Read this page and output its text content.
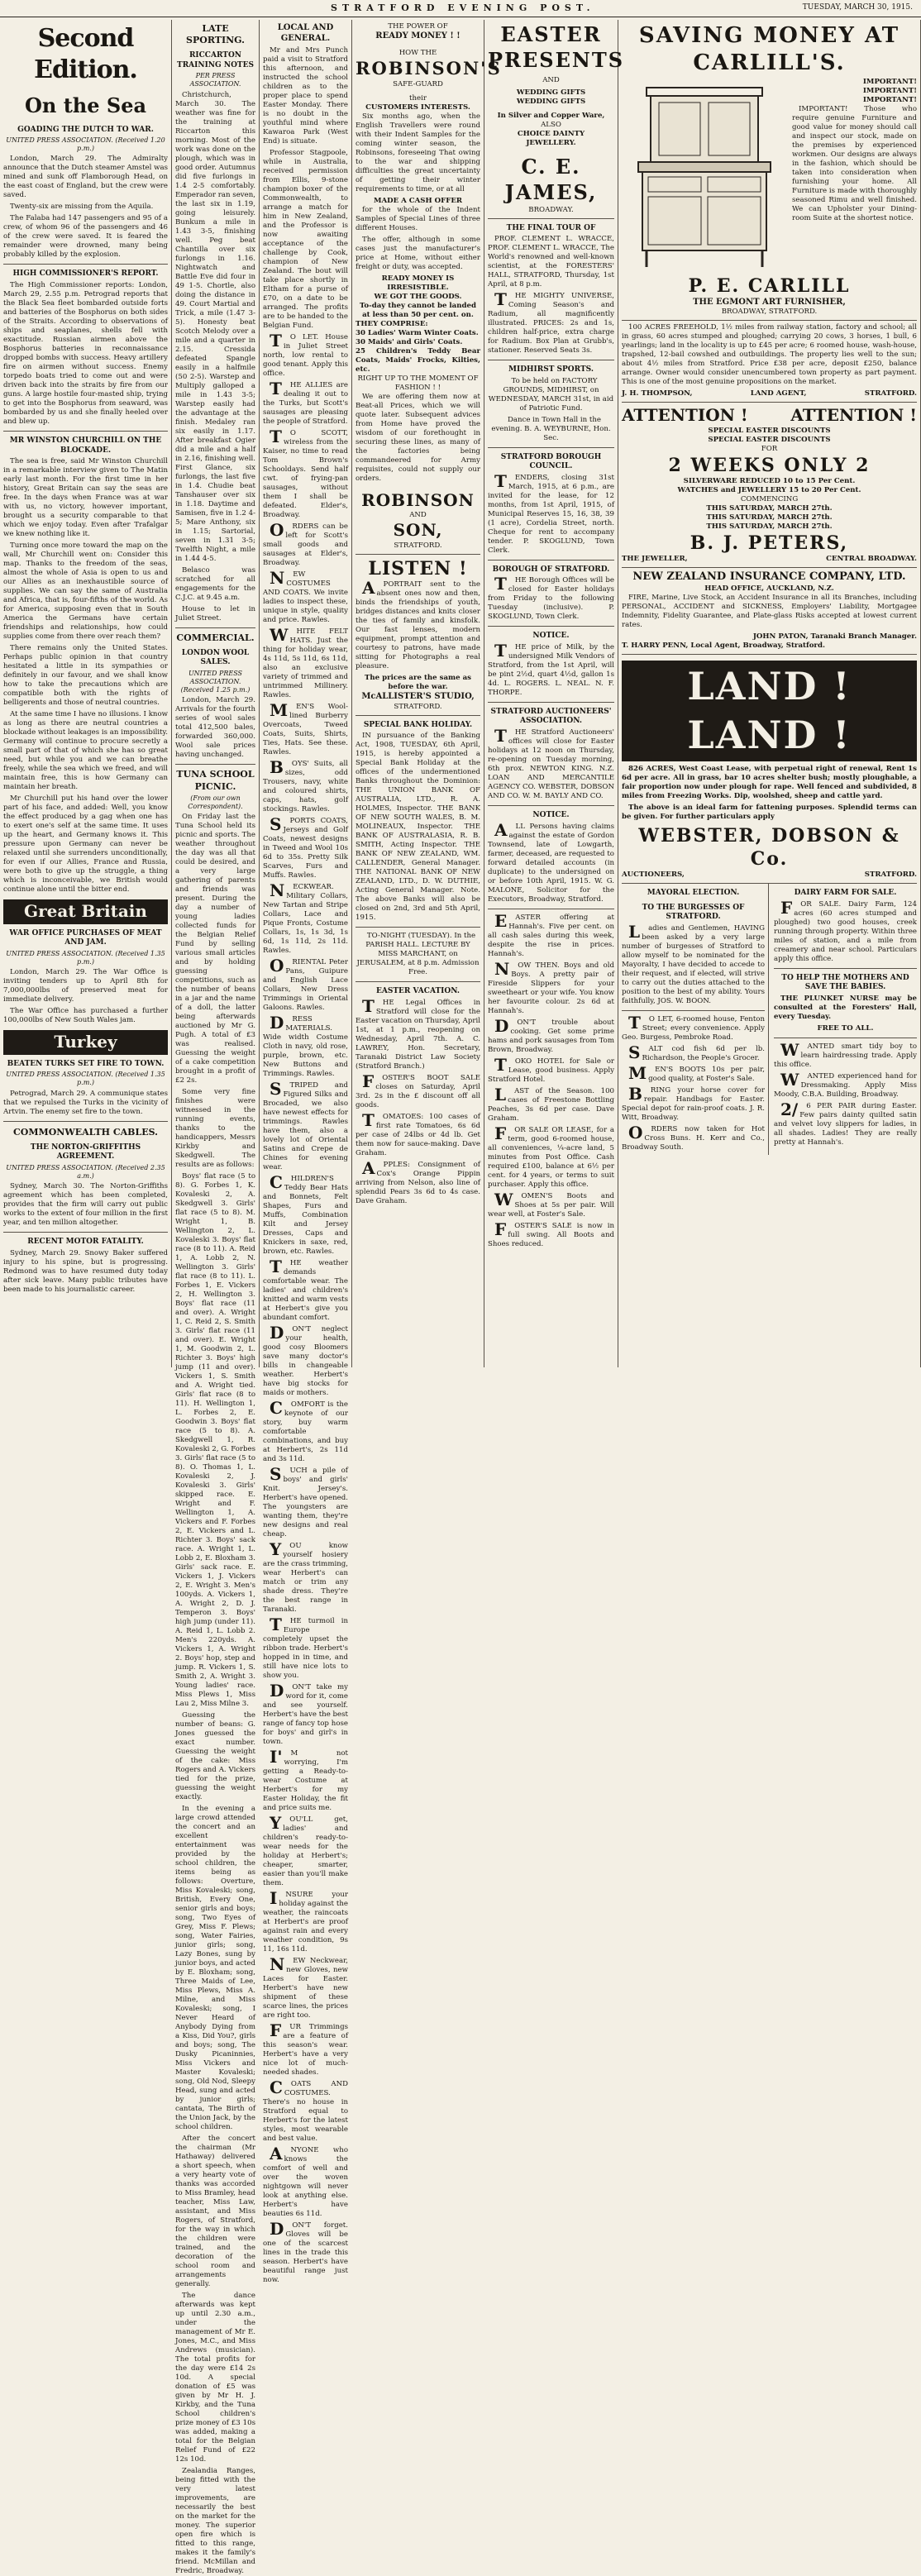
STRATFORD EVENING POST.	TUESDAY, MARCH 30, 1915.
Second Edition.
On the Sea
GOADING THE DUTCH TO WAR.
UNITED PRESS ASSOCIATION. (Received 1.20 p.m.)

London, March 29. The Admiralty announce that the Dutch steamer Amstel was mined and sunk off Flamborough Head, on the east coast of England, but the crew were saved.

Twenty-six are missing from the Aquila.

The Falaba had 147 passengers and 95 of a crew, of whom 96 of the passengers and 46 of the crew were saved. It is feared the remainder were drowned, many being probably killed by the explosion.

HIGH COMMISSIONER'S REPORT.

The High Commissioner reports: London, March 29, 2.55 p.m. Petrograd reports that the Black Sea fleet bombarded outside forts and batteries of the Bosphorus on both sides of the Straits. According to observations of ships and seaplanes, shells fell with exactitude. Russian airmen above the Bosphorus batteries in reconnaissance dropped bombs with success. Heavy artillery fire on airmen without success. Enemy torpedo boats tried to come out and were driven back into the straits by fire from our guns. A large hostile four-masted ship, trying to get into the Bosphorus from seaward, was bombarded by us and she finally heeled over and blew up.

MR WINSTON CHURCHILL ON THE BLOCKADE.

The sea is free, said Mr Winston Churchill in a remarkable interview given to The Matin early last month. For the first time in her history, Great Britain can say the seas are free. In the days when France was at war with us, no victory, however important, brought us a security comparable to that which we enjoy today. Even after Trafalgar we knew nothing like it.

Turning once more toward the map on the wall, Mr Churchill went on: Consider this map. Thanks to the freedom of the seas, almost the whole of Asia is open to us and our Allies as an inexhaustible source of supplies. We can say the same of Australia and Africa, that is, four-fifths of the world. As for America, supposing even that in South America the Germans have certain friendships and relationships, how could supplies come from there over reach them?

There remains only the United States. Perhaps public opinion in that country hesitated a little in its sympathies or definitely in our favour, and we shall know how to take the precautions which are compatible both with the rights of belligerents and those of neutral countries.

At the same time I have no illusions. I know as long as there are neutral countries a blockade without leakages is an impossibility. Germany will continue to procure secretly a small part of that of which she has so great need, but while you and we can breathe freely, while the sea which we freed, and will maintain free, this is how Germany can maintain her breath.

Mr Churchill put his hand over the lower part of his face, and added: Well, you know the effect produced by a gag when one has to exert one's self at the same time. It uses up the heart, and Germany knows it. This pressure upon Germany can never be relaxed until she surrenders unconditionally, for even if our Allies, France and Russia, were both to give up the struggle, a thing which is inconceivable, we British would continue alone until the bitter end.

Great Britain
WAR OFFICE PURCHASES OF MEAT AND JAM.
UNITED PRESS ASSOCIATION. (Received 1.35 p.m.)

London, March 29. The War Office is inviting tenders up to April 8th for 7,000,000lbs of preserved meat for immediate delivery.

The War Office has purchased a further 100,000lbs of New South Wales jam.

Turkey
BEATEN TURKS SET FIRE TO TOWN.
UNITED PRESS ASSOCIATION. (Received 1.35 p.m.)

Petrograd, March 29. A communique states that we repulsed the Turks in the vicinity of Artvin. The enemy set fire to the town.

COMMONWEALTH CABLES.
THE NORTON-GRIFFITHS AGREEMENT.
UNITED PRESS ASSOCIATION. (Received 2.35 a.m.)

Sydney, March 30. The Norton-Griffiths agreement which has been completed, provides that the firm will carry out public works to the extent of four million in the first year, and ten million altogether.

RECENT MOTOR FATALITY.

Sydney, March 29. Snowy Baker suffered injury to his spine, but is progressing. Redmond was to have resumed duty today after sick leave. Many public tributes have been made to his journalistic career.

LATE SPORTING.
RICCARTON TRAINING NOTES
PER PRESS ASSOCIATION.

Christchurch, March 30. The weather was fine for the training at Riccarton this morning. Most of the work was done on the plough, which was in good order. Autumnus did five furlongs in 1.4 2-5 comfortably. Emperador ran seven, the last six in 1.19, going leisurely. Bunkum a mile in 1.43 3-5, finishing well. Peg beat Chantilla over six furlongs in 1.16. Nightwatch and Battle Eve did four in 49 1-5. Chortle, also doing the distance in 49. Court Martial and Trick, a mile (1.47 3-5). Honesty beat Scotch Melody over a mile and a quarter in 2.15. Cressida defeated Spangle easily in a halfmile (50 2-5). Warstep and Multiply galloped a mile in 1.43 3-5; Warstep easily had the advantage at the finish. Medaley ran six easily in 1.17. After breakfast Ogier did a mile and a half in 2.16, finishing well. First Glance, six furlongs, the last five in 1.4. Chudie beat Tanshauser over six in 1.18. Daytime and Samisen, five in 1.2 4-5; Mare Anthony, six in 1.15; Sartorial, seven in 1.31 3-5; Twelfth Night, a mile in 1.44 4-5.

Belasco was scratched for all engagements for the C.J.C. at 9.45 a.m.

House to let in Juliet Street.

COMMERCIAL.
LONDON WOOL SALES.
UNITED PRESS ASSOCIATION. (Received 1.25 p.m.)

London, March 29. Arrivals for the fourth series of wool sales total 412,500 bales, forwarded 360,000. Wool sale prices having unchanged.

TUNA SCHOOL PICNIC.
(From our own Correspondent).

On Friday last the Tuna School held its picnic and sports. The weather throughout the day was all that could be desired, and a very large gathering of parents and friends was present. During the day a number of young ladies collected funds for the Belgian Relief Fund by selling various small articles and by holding guessing competitions, such as the number of beans in a jar and the name of a doll, the latter being afterwards auctioned by Mr G. Pugh. A total of £3 was realised. Guessing the weight of a cake competition brought in a profit of £2 2s.

Some very fine finishes were witnessed in the running events, thanks to the handicappers, Messrs Kirkby and Skedgwell. The results are as follows:

Boys' flat race (5 to 8). G. Forbes 1, K. Kovaleski 2, A. Skedgwell 3. Girls' flat race (5 to 8). M. Wright 1, B. Wellington 2, L. Kovaleski 3. Boys' flat race (8 to 11). A. Reid 1, A. Lobb 2, N. Wellington 3. Girls' flat race (8 to 11). L. Forbes 1, E. Vickers 2, H. Wellington 3. Boys' flat race (11 and over). A. Wright 1, C. Reid 2, S. Smith 3. Girls' flat race (11 and over). E. Wright 1, M. Goodwin 2, L. Richter 3. Boys' high jump (11 and over). Vickers 1, S. Smith and A. Wright tied. Girls' flat race (8 to 11). H. Wellington 1, L. Forbes 2, E. Goodwin 3. Boys' flat race (5 to 8). A. Skedgwell 1, R. Kovaleski 2, G. Forbes 3. Girls' flat race (5 to 8). O. Thomas 1, L. Kovaleski 2, J. Kovaleski 3. Girls' skipped race. E. Wright and F. Wellington 1, A. Vickers and F. Forbes 2, E. Vickers and L. Richter 3. Boys' sack race. A. Wright 1, L. Lobb 2, E. Bloxham 3. Girls' sack race. E. Vickers 1, J. Vickers 2, E. Wright 3. Men's 100yds. A. Vickers 1, A. Wright 2, D. J. Temperon 3. Boys' high jump (under 11). A. Reid 1, L. Lobb 2. Men's 220yds. A. Vickers 1, A. Wright 2. Boys' hop, step and jump. R. Vickers 1, S. Smith 2, A. Wright 3. Young ladies' race. Miss Plews 1, Miss Lau 2, Miss Milne 3.

Guessing the number of beans: G. Jones guessed the exact number. Guessing the weight of the cake: Miss Rogers and A. Vickers tied for the prize, guessing the weight exactly.

In the evening a large crowd attended the concert and an excellent entertainment was provided by the school children, the items being as follows: Overture, Miss Kovaleski; song, British, Every One, senior girls and boys; song, Two Eyes of Grey, Miss F. Plews; song, Water Fairies, junior girls; song, Lazy Bones, sung by junior boys, and acted by E. Bloxham; song, Three Maids of Lee, Miss Plews, Miss A. Milne, and Miss Kovaleski; song, I Never Heard of Anybody Dying from a Kiss, Did You?, girls and boys; song, The Dusky Picaninnies, Miss Vickers and Master Kovaleski; song, Old Nod, Sleepy Head, sung and acted by junior girls; cantata, The Birth of the Union Jack, by the school children.

After the concert the chairman (Mr Hathaway) delivered a short speech, when a very hearty vote of thanks was accorded to Miss Bramley, head teacher, Miss Law, assistant, and Miss Rogers, of Stratford, for the way in which the children were trained, and the decoration of the school room and arrangements generally.

The dance afterwards was kept up until 2.30 a.m., under the management of Mr E. Jones, M.C., and Miss Andrews (musician). The total profits for the day were £14 2s 10d. A special donation of £5 was given by Mr H. J. Kirkby, and the Tuna School children's prize money of £3 10s was added, making a total for the Belgian Relief Fund of £22 12s 10d.

Zealandia Ranges, being fitted with the very latest improvements, are necessarily the best on the market for the money. The superior open fire which is fitted to this range, makes it the family's friend. McMillan and Fredric, Broadway.

LOCAL AND GENERAL.

Mr and Mrs Punch paid a visit to Stratford this afternoon, and instructed the school children as to the proper place to spend Easter Monday. There is no doubt in the youthful mind where Kawaroa Park (West End) is situate.

Professor Stagpoole, while in Australia, received permission from Ellis, 9-stone champion boxer of the Commonwealth, to arrange a match for him in New Zealand, and the Professor is now awaiting acceptance of the challenge by Cook, champion of New Zealand. The bout will take place shortly in Eltham for a purse of £70, on a date to be arranged. The profits are to be handed to the Belgian Fund.

TO LET. House in Juliet Street north, low rental to good tenant. Apply this office.

THE ALLIES are dealing it out to the Turks, but Scott's sausages are pleasing the people of Stratford.

TO SCOTT, wireless from the Kaiser, no time to read Tom Brown's Schooldays. Send half cwt. of frying-pan sausages, without them I shall be defeated. Elder's, Broadway.

ORDERS can be left for Scott's small goods and sausages at Elder's, Broadway.

NEW COSTUMES AND COATS. We invite ladies to inspect these, unique in style, quality and price. Rawles.

WHITE FELT HATS. Just the thing for holiday wear, 4s 11d, 5s 11d, 6s 11d, also an exclusive variety of trimmed and untrimmed Millinery. Rawles.

MEN'S Wool-lined Burberry Overcoats, Tweed Coats, Suits, Shirts, Ties, Hats. See these. Rawles.

BOYS' Suits, all sizes, odd Trousers, navy, white and coloured shirts, caps, hats, golf stockings. Rawles.

SPORTS COATS, Jerseys and Golf Coats, newest designs in Tweed and Wool 10s 6d to 35s. Pretty Silk Scarves, Furs and Muffs. Rawles.

NECKWEAR. Military Collars, New Tartan and Stripe Collars, Lace and Pique Fronts, Costume Collars, 1s, 1s 3d, 1s 6d, 1s 11d, 2s 11d. Rawles.

ORIENTAL Peter Pans, Guipure and English Lace Collars, New Dress Trimmings in Oriental Galoons. Rawles.

DRESS MATERIALS. Wide width Costume Cloth in navy, old rose, purple, brown, etc. New Buttons and Trimmings. Rawles.

STRIPED and Figured Silks and Brocaded, we also have newest effects for trimmings. Rawles have them, also a lovely lot of Oriental Satins and Crepe de Chines for evening wear.

CHILDREN'S Teddy Bear Hats and Bonnets, Felt Shapes, Furs and Muffs, Combination Kilt and Jersey Dresses, Caps and Knickers in saxe, red, brown, etc. Rawles.

THE weather demands comfortable wear. The ladies' and children's knitted and warm vests at Herbert's give you abundant comfort.

DON'T neglect your health, good cosy Bloomers save many doctor's bills in changeable weather. Herbert's have big stocks for maids or mothers.

COMFORT is the keynote of our story, buy warm comfortable combinations, and buy at Herbert's, 2s 11d and 3s 11d.

SUCH a pile of boys' and girls' Knit. Jersey's. Herbert's have opened. The youngsters are wanting them, they're new designs and real cheap.

YOU know yourself hosiery are the crass trimming, wear Herbert's can match or trim any shade dress. They're the best range in Taranaki.

THE turmoil in Europe completely upset the ribbon trade. Herbert's hopped in in time, and still have nice lots to show you.

DON'T take my word for it, come and see yourself. Herbert's have the best range of fancy top hose for boys' and girl's in town.

I'M not worrying, I'm getting a Ready-to-wear Costume at Herbert's for my Easter Holiday, the fit and price suits me.

YOU'LL get, ladies' and children's ready-to-wear needs for the holiday at Herbert's; cheaper, smarter, easier than you'll make them.

INSURE your holiday against the weather, the raincoats at Herbert's are proof against rain and every weather condition, 9s 11, 16s 11d.

NEW Neckwear, new Gloves, new Laces for Easter. Herbert's have new shipment of these scarce lines, the prices are right too.

FUR Trimmings are a feature of this season's wear. Herbert's have a very nice lot of much-needed shades.

COATS AND COSTUMES. There's no house in Stratford equal to Herbert's for the latest styles, most wearable and best value.

ANYONE who knows the comfort of well and over the woven nightgown will never look at anything else. Herbert's have beauties 6s 11d.

DON'T forget. Gloves will be one of the scarcest lines in the trade this season. Herbert's have beautiful range just now.

THE POWER OF
READY MONEY ! !
HOW THE
ROBINSON'S
SAFE-GUARD
their
CUSTOMERS INTERESTS.

Six months ago, when the English Travellers were round with their Indent Samples for the coming winter season, the Robinsons, foreseeing That owing to the war and shipping difficulties the great uncertainty of getting their winter requirements to time, or at all

MADE A CASH OFFER

for the whole of the Indent Samples of Special Lines of three different Houses.

The offer, although in some cases just the manufacturer's price at Home, without either freight or duty, was accepted.

READY MONEY IS IRRESISTIBLE.
WE GOT THE GOODS.
To-day they cannot be landed at less than 50 per cent. on.
THEY COMPRISE:
30 Ladies' Warm Winter Coats.
30 Maids' and Girls' Coats.
25 Children's Teddy Bear Coats, Maids' Frocks, Kilties, etc.
RIGHT UP TO THE MOMENT OF FASHION ! !

We are offering them now at Beat-all Prices, which we will quote later. Subsequent advices from Home have proved the wisdom of our forethought in securing these lines, as many of the factories being commandeered for Army requisites, could not supply our orders.

ROBINSON
AND
SON,
STRATFORD.
LISTEN !

APORTRAIT sent to the absent ones now and then, binds the friendships of youth, bridges distances and knits closer the ties of family and kinsfolk. Our fast lenses, modern equipment, prompt attention and courtesy to patrons, have made sitting for Photographs a real pleasure.

The prices are the same as before the war.
McALLISTER'S STUDIO,
STRATFORD.
SPECIAL BANK HOLIDAY.

IN pursuance of the Banking Act, 1908, TUESDAY, 6th April, 1915, is hereby appointed a Special Bank Holiday at the offices of the undermentioned Banks throughout the Dominion: THE UNION BANK OF AUSTRALIA, LTD., R. A. HOLMES, Inspector. THE BANK OF NEW SOUTH WALES, B. M. MOLINEAUX, Inspector. THE BANK OF AUSTRALASIA, R. B. SMITH, Acting Inspector. THE BANK OF NEW ZEALAND, WM. CALLENDER, General Manager. THE NATIONAL BANK OF NEW ZEALAND, LTD., D. W. DUTHIE, Acting General Manager. Note. The above Banks will also be closed on 2nd, 3rd and 5th April, 1915.

TO-NIGHT (TUESDAY). In the PARISH HALL. LECTURE BY MISS MARCHANT, on JERUSALEM, at 8 p.m. Admission Free.

EASTER VACATION.

THE Legal Offices in Stratford will close for the Easter vacation on Thursday, April 1st, at 1 p.m., reopening on Wednesday, April 7th. A. C. LAWREY, Hon. Secretary, Taranaki District Law Society (Stratford Branch.)

FOSTER'S BOOT SALE closes on Saturday, April 3rd. 2s in the £ discount off all goods.

TOMATOES: 100 cases of first rate Tomatoes, 6s 6d per case of 24lbs or 4d lb. Get them now for sauce-making. Dave Graham.

APPLES: Consignment of Cox's Orange Pippin arriving from Nelson, also line of splendid Pears 3s 6d to 4s case. Dave Graham.

EASTER
PRESENTS
AND
WEDDING GIFTS
WEDDING GIFTS
In Silver and Copper Ware,
ALSO
CHOICE DAINTY
JEWELLERY.
C. E. JAMES,
BROADWAY.
THE FINAL TOUR OF

PROF. CLEMENT L. WRACCE, PROF. CLEMENT L. WRACCE, The World's renowned and well-known scientist, at the FORESTERS' HALL, STRATFORD, Thursday, 1st April, at 8 p.m.

THE MIGHTY UNIVERSE, Coming Season's and Radium, all magnificently illustrated. PRICES: 2s and 1s, children half-price, extra charge for Radium. Box Plan at Grubb's, stationer. Reserved Seats 3s.

MIDHIRST SPORTS.

To be held on FACTORY GROUNDS, MIDHIRST, on WEDNESDAY, MARCH 31st, in aid of Patriotic Fund.

Dance in Town Hall in the evening. B. A. WEYBURNE, Hon. Sec.

STRATFORD BOROUGH COUNCIL.

TENDERS, closing 31st March, 1915, at 6 p.m., are invited for the lease, for 12 months, from 1st April, 1915, of Municipal Reserves 15, 16, 38, 39 (1 acre), Cordelia Street, north. Cheque for rent to accompany tender. P. SKOGLUND, Town Clerk.

BOROUGH OF STRATFORD.

THE Borough Offices will be closed for Easter holidays from Friday to the following Tuesday (inclusive). P. SKOGLUND, Town Clerk.

NOTICE.

THE price of Milk, by the undersigned Milk Vendors of Stratford, from the 1st April, will be pint 2½d, quart 4½d, gallon 1s 4d. L. ROGERS. L. NEAL. N. F. THORPE.

STRATFORD AUCTIONEERS' ASSOCIATION.

THE Stratford Auctioneers' offices will close for Easter holidays at 12 noon on Thursday, re-opening on Tuesday morning, 6th prox. NEWTON KING. N.Z. LOAN AND MERCANTILE AGENCY CO. WEBSTER, DOBSON AND CO. W. M. BAYLY AND CO.

NOTICE.

ALL Persons having claims against the estate of Gordon Townsend, late of Lowgarth, farmer, deceased, are requested to forward detailed accounts (in duplicate) to the undersigned on or before 10th April, 1915. W. G. MALONE, Solicitor for the Executors, Broadway, Stratford.

EASTER offering at Hannah's. Five per cent. on all cash sales during this week, despite the rise in prices. Hannah's.

NOW THEN. Boys and old Boys. A pretty pair of Fireside Slippers for your sweetheart or your wife. You know her favourite colour. 2s 6d at Hannah's.

DON'T trouble about cooking. Get some prime hams and pork sausages from Tom Brown, Broadway.

TOKO HOTEL for Sale or Lease, good business. Apply Stratford Hotel.

LAST of the Season. 100 cases of Freestone Bottling Peaches, 3s 6d per case. Dave Graham.

FOR SALE OR LEASE, for a term, good 6-roomed house, all conveniences, ¼-acre land, 5 minutes from Post Office. Cash required £100, balance at 6½ per cent. for 4 years, or terms to suit purchaser. Apply this office.

WOMEN'S Boots and Shoes at 5s per pair. Will wear well, at Foster's Sale.

FOSTER'S SALE is now in full swing. All Boots and Shoes reduced.

SAVING MONEY AT
CARLILL'S.
IMPORTANT!
IMPORTANT!
IMPORTANT!

IMPORTANT! Those who require genuine Furniture and good value for money should call and inspect our stock, made on the premises by experienced workmen. Our designs are always in the fashion, which should be taken into consideration when furnishing your home. All Furniture is made with thoroughly seasoned Rimu and well finished. We can Upholster your Dining-room Suite at the shortest notice.

P. E. CARLILL
THE EGMONT ART FURNISHER,
BROADWAY, STRATFORD.

100 ACRES FREEHOLD, 1½ miles from railway station, factory and school; all in grass, 60 acres stumped and ploughed; carrying 20 cows, 3 horses, 1 bull, 6 yearlings; land in the locality is up to £45 per acre; 6 roomed house, wash-house, trapshed, 12-bail cowshed and outbuildings. The property lies well to the sun; about 4½ miles from Stratford. Price £38 per acre, deposit £250, balance arrange. Owner would consider unencumbered town property as part payment. This is one of the most genuine propositions on the market.

J. H. THOMPSON,	LAND AGENT,	STRATFORD.
ATTENTION !	ATTENTION !
SPECIAL EASTER DISCOUNTS
SPECIAL EASTER DISCOUNTS
FOR
2 WEEKS ONLY 2
SILVERWARE REDUCED 10 to 15 Per Cent.
WATCHES and JEWELLERY 15 to 20 Per Cent.
COMMENCING
THIS SATURDAY, MARCH 27th.
THIS SATURDAY, MARCH 27th.
THIS SATURDAY, MARCH 27th.
B. J. PETERS,
THE JEWELLER,	CENTRAL BROADWAY.
NEW ZEALAND INSURANCE COMPANY, LTD.
HEAD OFFICE, AUCKLAND, N.Z.

FIRE, Marine, Live Stock, an Accident Insurance in all its Branches, including PERSONAL, ACCIDENT and SICKNESS, Employers' Liability, Mortgagee Indemnity, Fidelity Guarantee, and Plate-glass Risks accepted at lowest current rates.

JOHN PATON, Taranaki Branch Manager.
T. HARRY PENN, Local Agent, Broadway, Stratford.
LAND ! LAND !

826 ACRES, West Coast Lease, with perpetual right of renewal, Rent 1s 6d per acre. All in grass, bar 10 acres shelter bush; mostly ploughable, a fair proportion now under plough for rape. Well fenced and subdivided, 8 miles from Freezing Works. Dip, woolshed, sheep and cattle yard.

The above is an ideal farm for fattening purposes. Splendid terms can be given. For further particulars apply

WEBSTER, DOBSON & Co.
AUCTIONEERS,	STRATFORD.
MAYORAL ELECTION.
TO THE BURGESSES OF STRATFORD.

Ladies and Gentlemen, HAVING been asked by a very large number of burgesses of Stratford to allow myself to be nominated for the Mayoralty, I have decided to accede to their request, and if elected, will strive to carry out the duties attached to the position to the best of my ability. Yours faithfully, JOS. W. BOON.

TO LET, 6-roomed house, Fenton Street; every convenience. Apply Geo. Burgess, Pembroke Road.

SALT cod fish 6d per lb. Richardson, the People's Grocer.

MEN'S BOOTS 10s per pair, good quality, at Foster's Sale.

BRING your horse cover for repair. Handbags for Easter. Special depot for rain-proof coats. J. R. Witt, Broadway.

ORDERS now taken for Hot Cross Buns. H. Kerr and Co., Broadway South.

DAIRY FARM FOR SALE.

FOR SALE. Dairy Farm, 124 acres (60 acres stumped and ploughed) two good houses, creek running through property. Within three miles of station, and a mile from creamery and near school. Particulars apply this office.

TO HELP THE MOTHERS AND SAVE THE BABIES.

THE PLUNKET NURSE may be consulted at the Foresters' Hall, every Tuesday.

FREE TO ALL.

WANTED smart tidy boy to learn hairdressing trade. Apply this office.

WANTED experienced hand for Dressmaking. Apply Miss Moody, C.B.A. Building, Broadway.

2/6 PER PAIR during Easter. Few pairs dainty quilted satin and velvet lovy slippers for ladies, in all shades. Ladies! They are really pretty at Hannah's.
